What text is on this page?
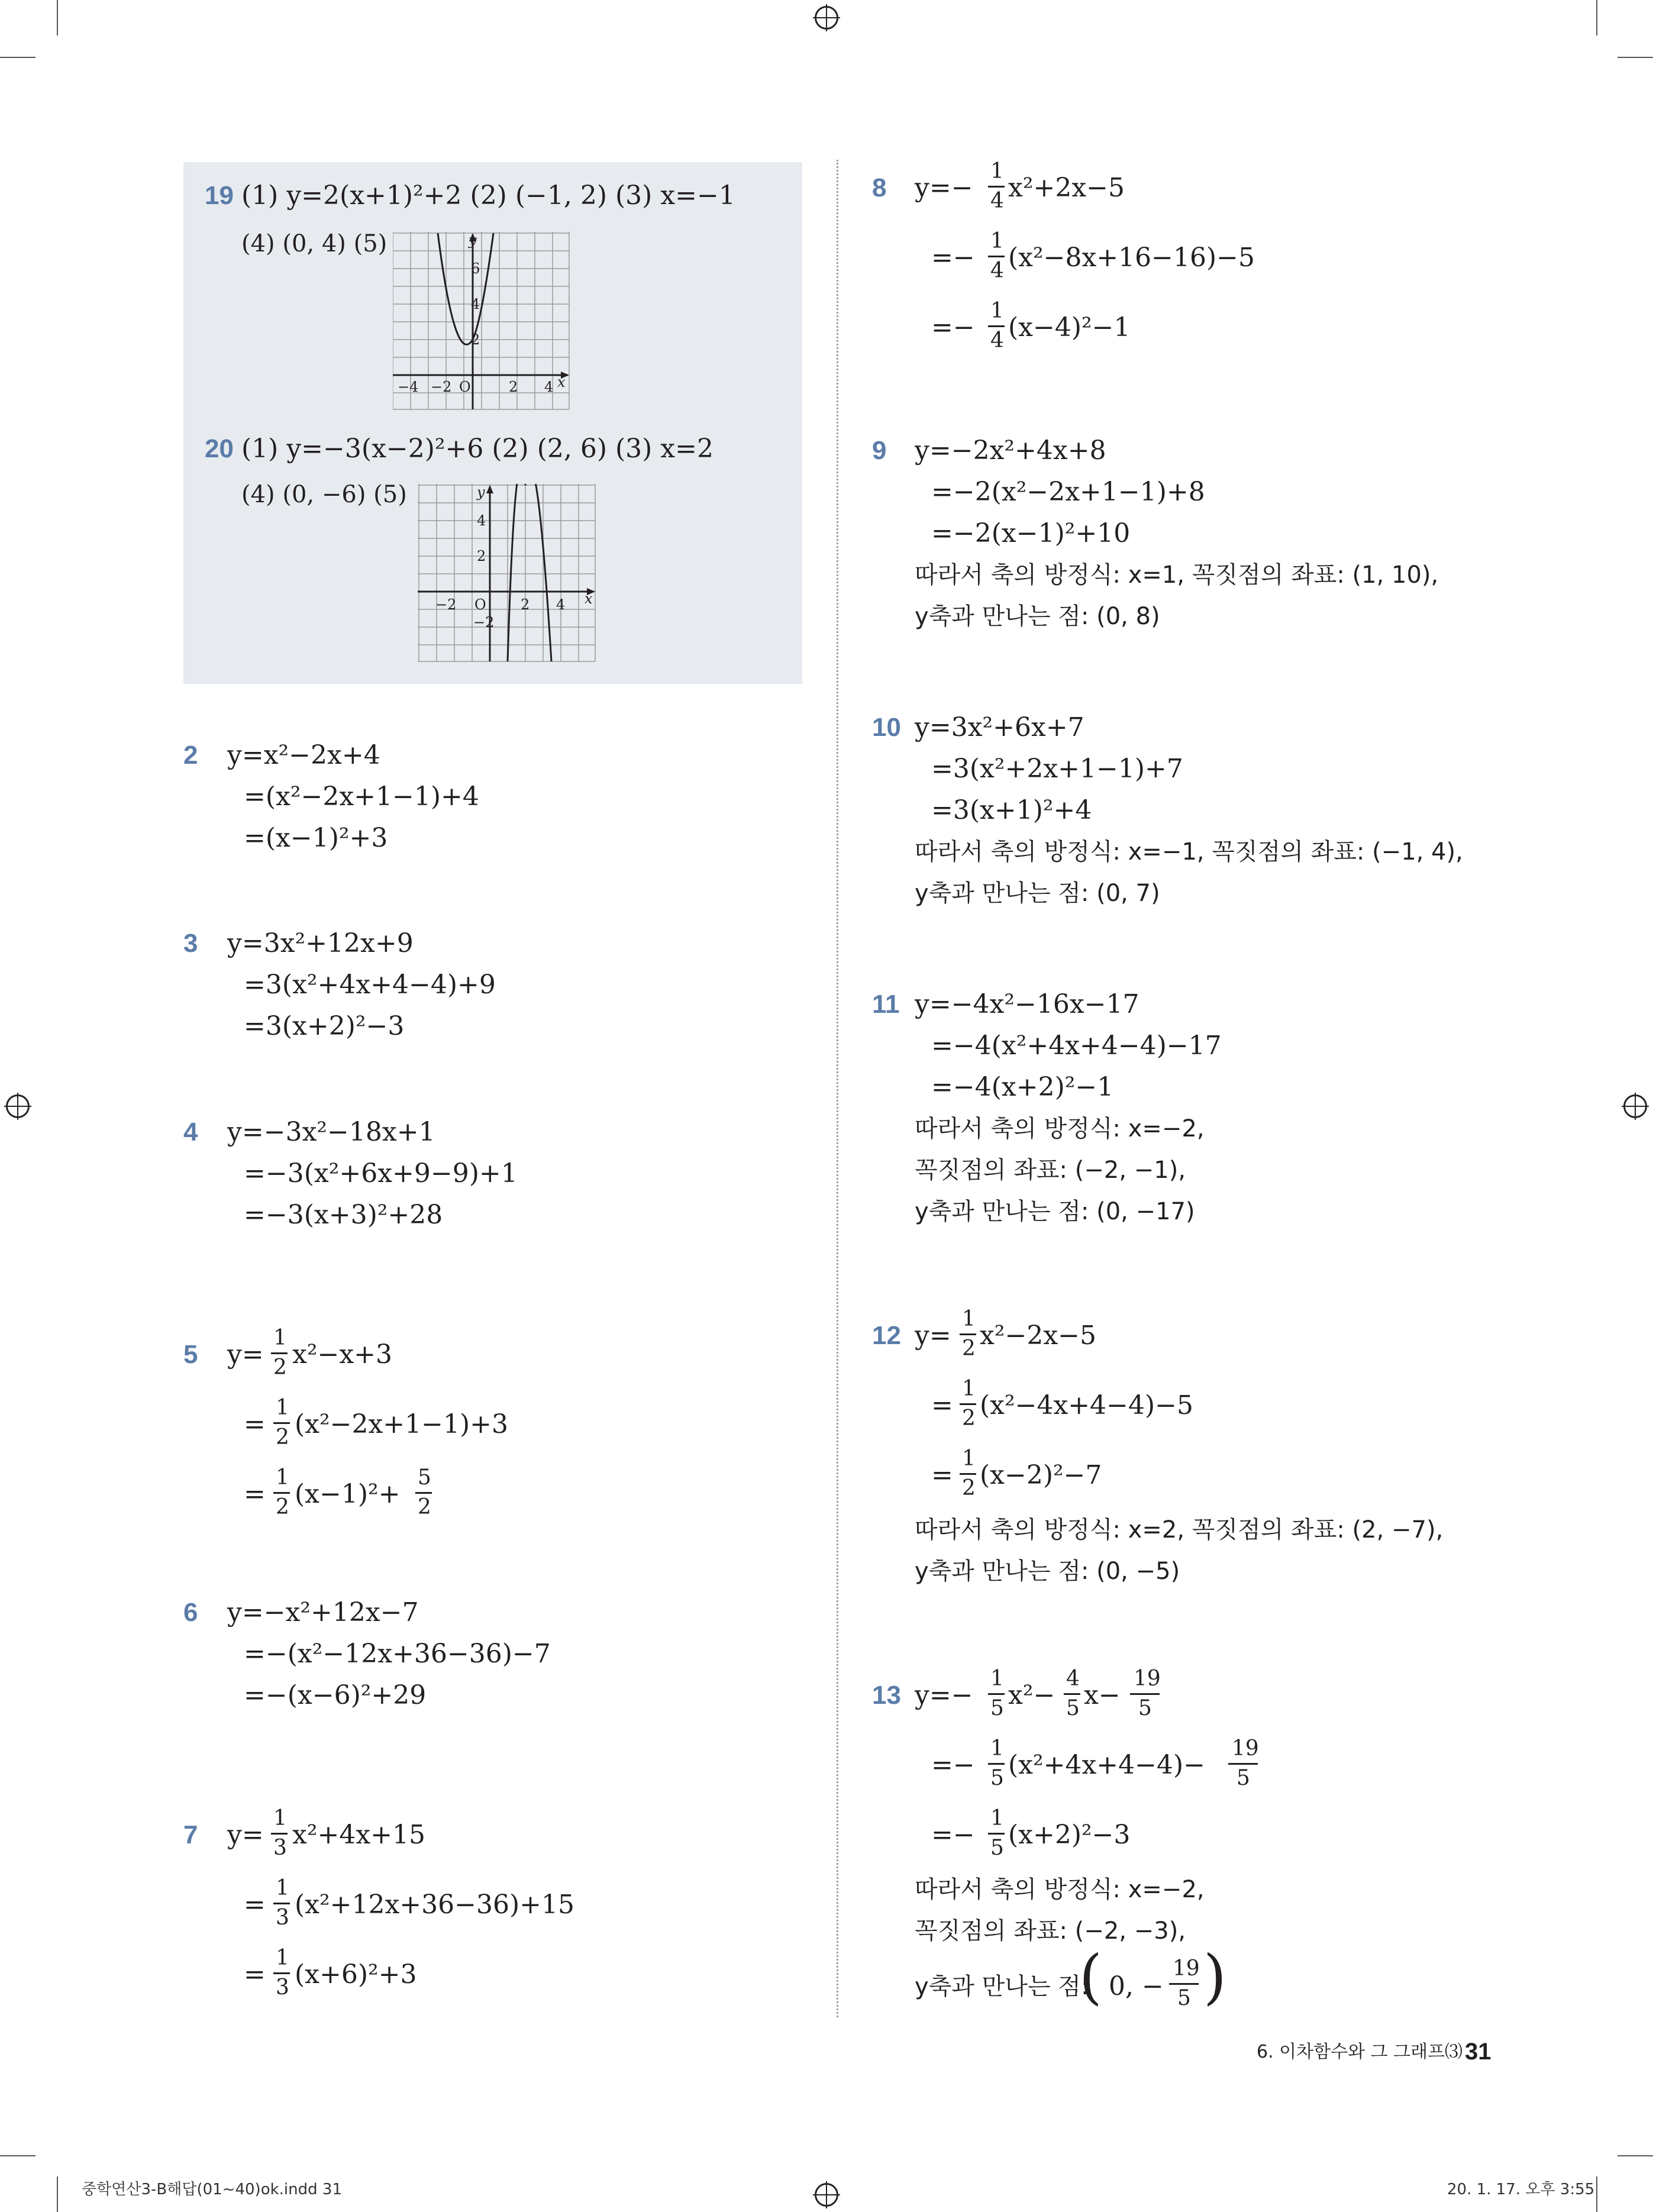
19 (1) y=2(x+1)²+2 (2) (−1, 2) (3) x=−1
(4) (0, 4) (5)
−4 −2 O	2 4
6
4
2
x
y
20 (1) y=−3(x−2)²+6 (2) (2, 6) (3) x=2
(4) (0, −6) (5)
−2 O 2 4
4
2
−2
x
y
2 y=x²−2x+4
=(x²−2x+1−1)+4
=(x−1)²+3
3 y=3x²+12x+9
=3(x²+4x+4−4)+9
=3(x+2)²−3
4 y=−3x²−18x+1
=−3(x²+6x+9−9)+1
=−3(x+3)²+28
5 y=
1
2 x²−x+3
=
1
2 (x²−2x+1−1)+3
=
1
2 (x−1)²+
5
2
6 y=−x²+12x−7
=−(x²−12x+36−36)−7
=−(x−6)²+29
7 y=
1
3 x²+4x+15
=
1
3 (x²+12x+36−36)+15
=
1
3 (x+6)²+3
8 y=−
1
4 x²+2x−5
=−
1
4 (x²−8x+16−16)−5
=−
1
4 (x−4)²−1
9 y=−2x²+4x+8
=−2(x²−2x+1−1)+8
=−2(x−1)²+10
따라서 축의 방정식: x=1, 꼭짓점의 좌표: (1, 10),
y축과 만나는 점: (0, 8)
10 y=3x²+6x+7
=3(x²+2x+1−1)+7
=3(x+1)²+4
따라서 축의 방정식: x=−1, 꼭짓점의 좌표: (−1, 4),
y축과 만나는 점: (0, 7)
11 y=−4x²−16x−17
=−4(x²+4x+4−4)−17
=−4(x+2)²−1
따라서 축의 방정식: x=−2,
꼭짓점의 좌표: (−2, −1),
y축과 만나는 점: (0, −17)
12 y=
1
2 x²−2x−5
=
1
2 (x²−4x+4−4)−5
=
1
2 (x−2)²−7
따라서 축의 방정식: x=2, 꼭짓점의 좌표: (2, −7),
y축과 만나는 점: (0, −5)
13 y=−
1
5 x²−
4
5 x−
19
5
=−
1
5 (x²+4x+4−4)−
19
5
=−
1
5 (x+2)²−3
따라서 축의 방정식: x=−2,
꼭짓점의 좌표: (−2, −3),
y축과 만나는 점:
( 0, −
19
5 )
6. 이차함수와 그 그래프⑶ 31
중학연산3-B해답(01~40)ok.indd 31	20. 1. 17. 오후 3:55
